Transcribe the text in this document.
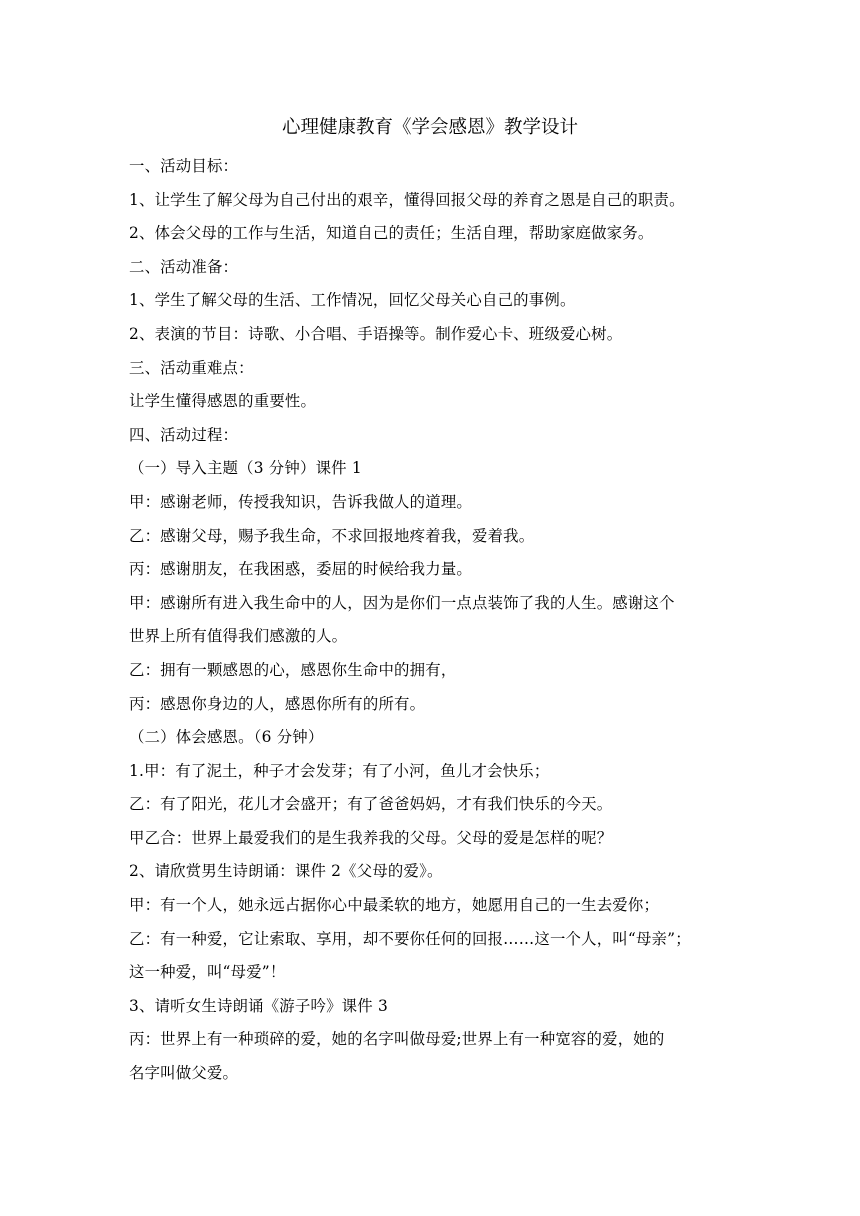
心理健康教育《学会感恩》教学设计
一、活动目标：
1、让学生了解父母为自己付出的艰辛，懂得回报父母的养育之恩是自己的职责。
2、体会父母的工作与生活，知道自己的责任；生活自理，帮助家庭做家务。
二、活动准备：
1、学生了解父母的生活、工作情况，回忆父母关心自己的事例。
2、表演的节目：诗歌、小合唱、手语操等。制作爱心卡、班级爱心树。
三、活动重难点：
让学生懂得感恩的重要性。
四、活动过程：
（一）导入主题（3 分钟）课件 1
甲：感谢老师，传授我知识，告诉我做人的道理。
乙：感谢父母，赐予我生命，不求回报地疼着我，爱着我。
丙：感谢朋友，在我困惑，委屈的时候给我力量。
甲：感谢所有进入我生命中的人，因为是你们一点点装饰了我的人生。感谢这个
世界上所有值得我们感激的人。
乙：拥有一颗感恩的心，感恩你生命中的拥有，
丙：感恩你身边的人，感恩你所有的所有。
（二）体会感恩。（6 分钟）
1.甲：有了泥土，种子才会发芽；有了小河，鱼儿才会快乐；
乙：有了阳光，花儿才会盛开；有了爸爸妈妈，才有我们快乐的今天。
甲乙合：世界上最爱我们的是生我养我的父母。父母的爱是怎样的呢？
2、请欣赏男生诗朗诵：课件 2《父母的爱》。
甲：有一个人，她永远占据你心中最柔软的地方，她愿用自己的一生去爱你；
乙：有一种爱，它让索取、享用，却不要你任何的回报……这一个人，叫“母亲”；
这一种爱，叫“母爱”！
3、请听女生诗朗诵《游子吟》课件 3
丙：世界上有一种琐碎的爱，她的名字叫做母爱;世界上有一种宽容的爱，她的
名字叫做父爱。
